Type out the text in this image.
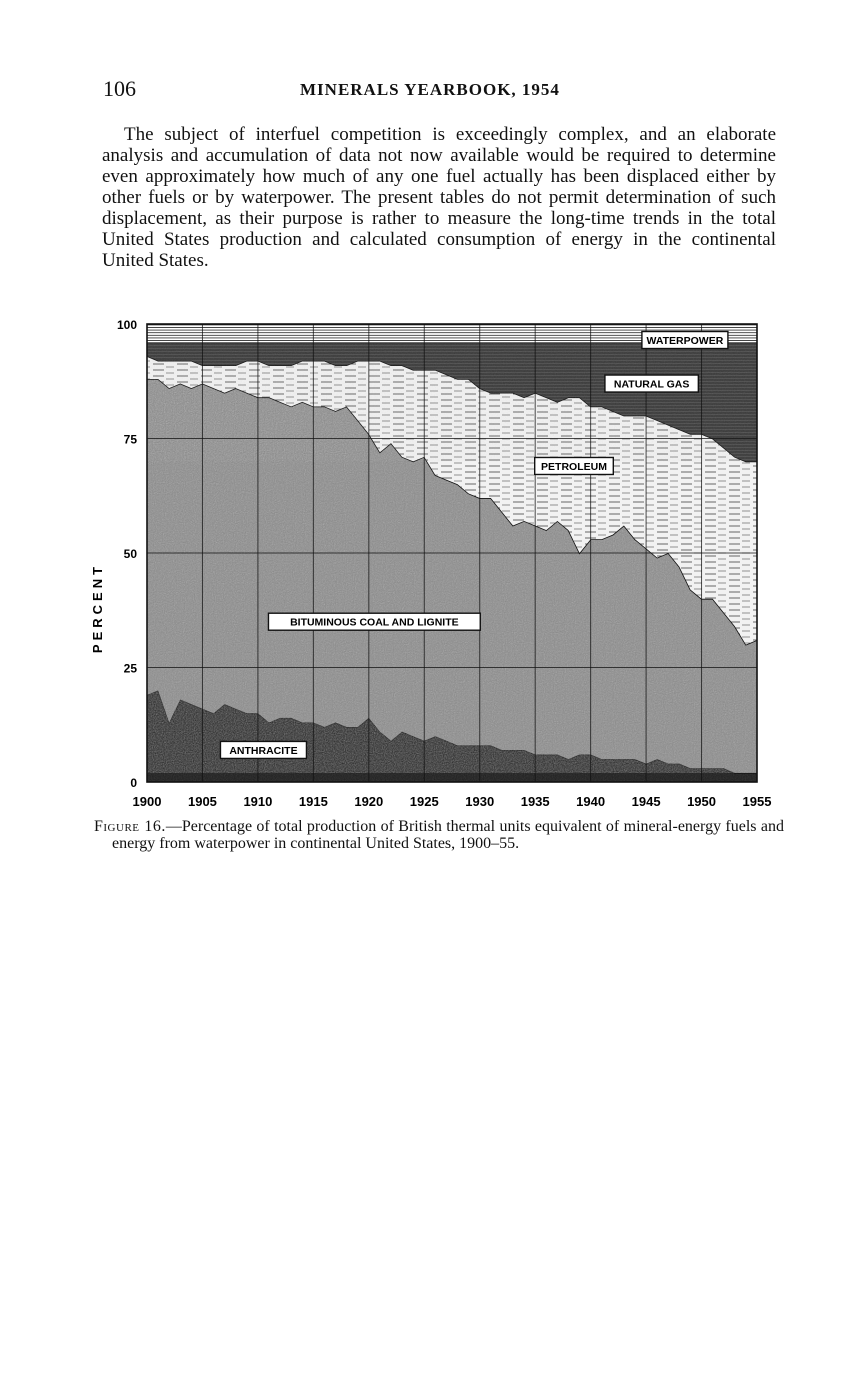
106	MINERALS YEARBOOK, 1954

The subject of interfuel competition is exceedingly complex, and an elaborate analysis and accumulation of data not now available would be required to determine even approximately how much of any one fuel actually has been displaced either by other fuels or by waterpower. The present tables do not permit determination of such displacement, as their purpose is rather to measure the long-time trends in the total United States production and calculated consumption of energy in the continental United States.

ANTHRACITE
BITUMINOUS COAL AND LIGNITE
PETROLEUM
NATURAL GAS
WATERPOWER
0
25
50
75
100
1900 1905 1910 1915 1920 1925 1930 1935 1940 1945 1950 1955
PERCENT

Figure 16.—Percentage of total production of British thermal units equivalent of mineral-energy fuels and energy from waterpower in continental United States, 1900–55.
